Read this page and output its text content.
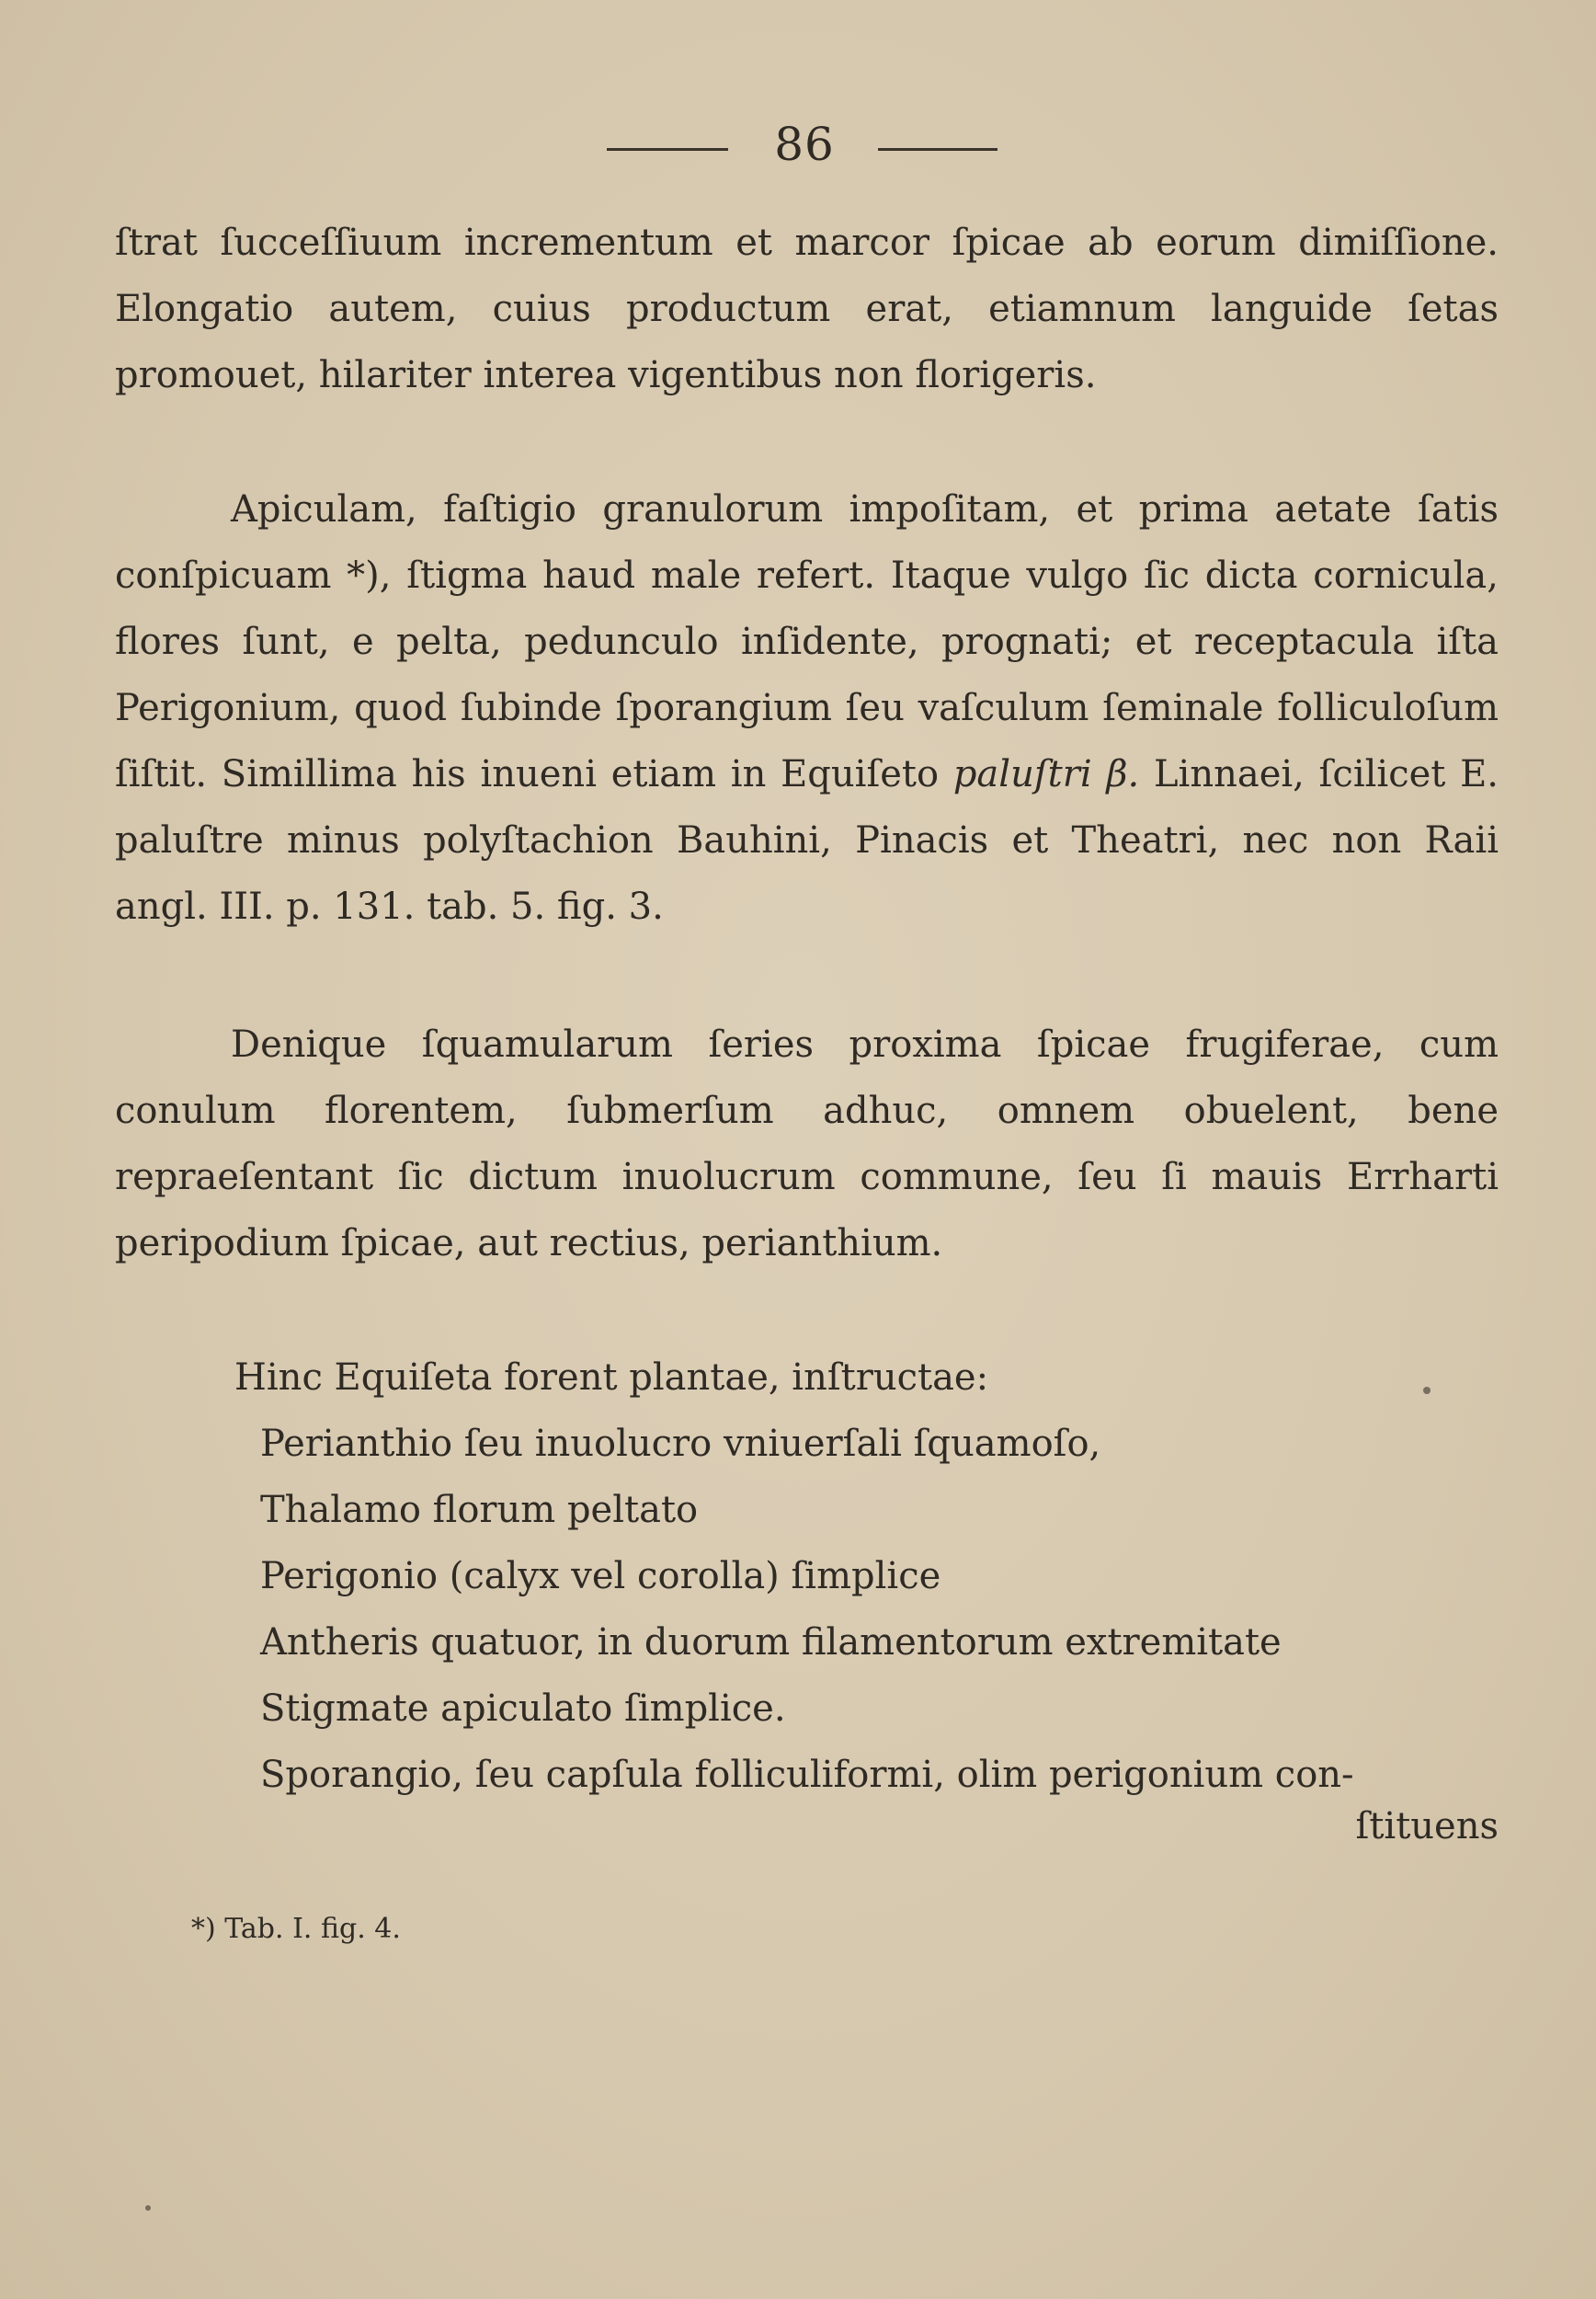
86

ſtrat ſucceſſiuum incrementum et marcor ſpicae ab eorum dimiſſione. Elongatio autem, cuius productum erat, etiamnum languide ſetas promouet, hilariter interea vigentibus non florigeris.

Apiculam, faſtigio granulorum impoſitam, et prima aetate ſatis conſpicuam *), ſtigma haud male refert. Itaque vulgo ſic dicta cornicula, flores ſunt, e pelta, pedunculo inſidente, prognati; et receptacula iſta Perigonium, quod ſubinde ſporangium ſeu vaſculum ſeminale folliculoſum ſiſtit. Simillima his inueni etiam in Equiſeto paluſtri β. Linnaei, ſcilicet E. paluſtre minus polyſtachion Bauhini, Pinacis et Theatri, nec non Raii angl. III. p. 131. tab. 5. fig. 3.

Denique ſquamularum ſeries proxima ſpicae frugiferae, cum conulum florentem, ſubmerſum adhuc, omnem obuelent, bene repraeſentant ſic dictum inuolucrum commune, ſeu ſi mauis Errharti peripodium ſpicae, aut rectius, perianthium.

Hinc Equiſeta forent plantae, inſtructae:

Perianthio ſeu inuolucro vniuerſali ſquamoſo,
Thalamo florum peltato
Perigonio (calyx vel corolla) ſimplice
Antheris quatuor, in duorum filamentorum extremitate
Stigmate apiculato ſimplice.
Sporangio, ſeu capſula folliculiformi, olim perigonium con-

ſtituens

*) Tab. I. fig. 4.
